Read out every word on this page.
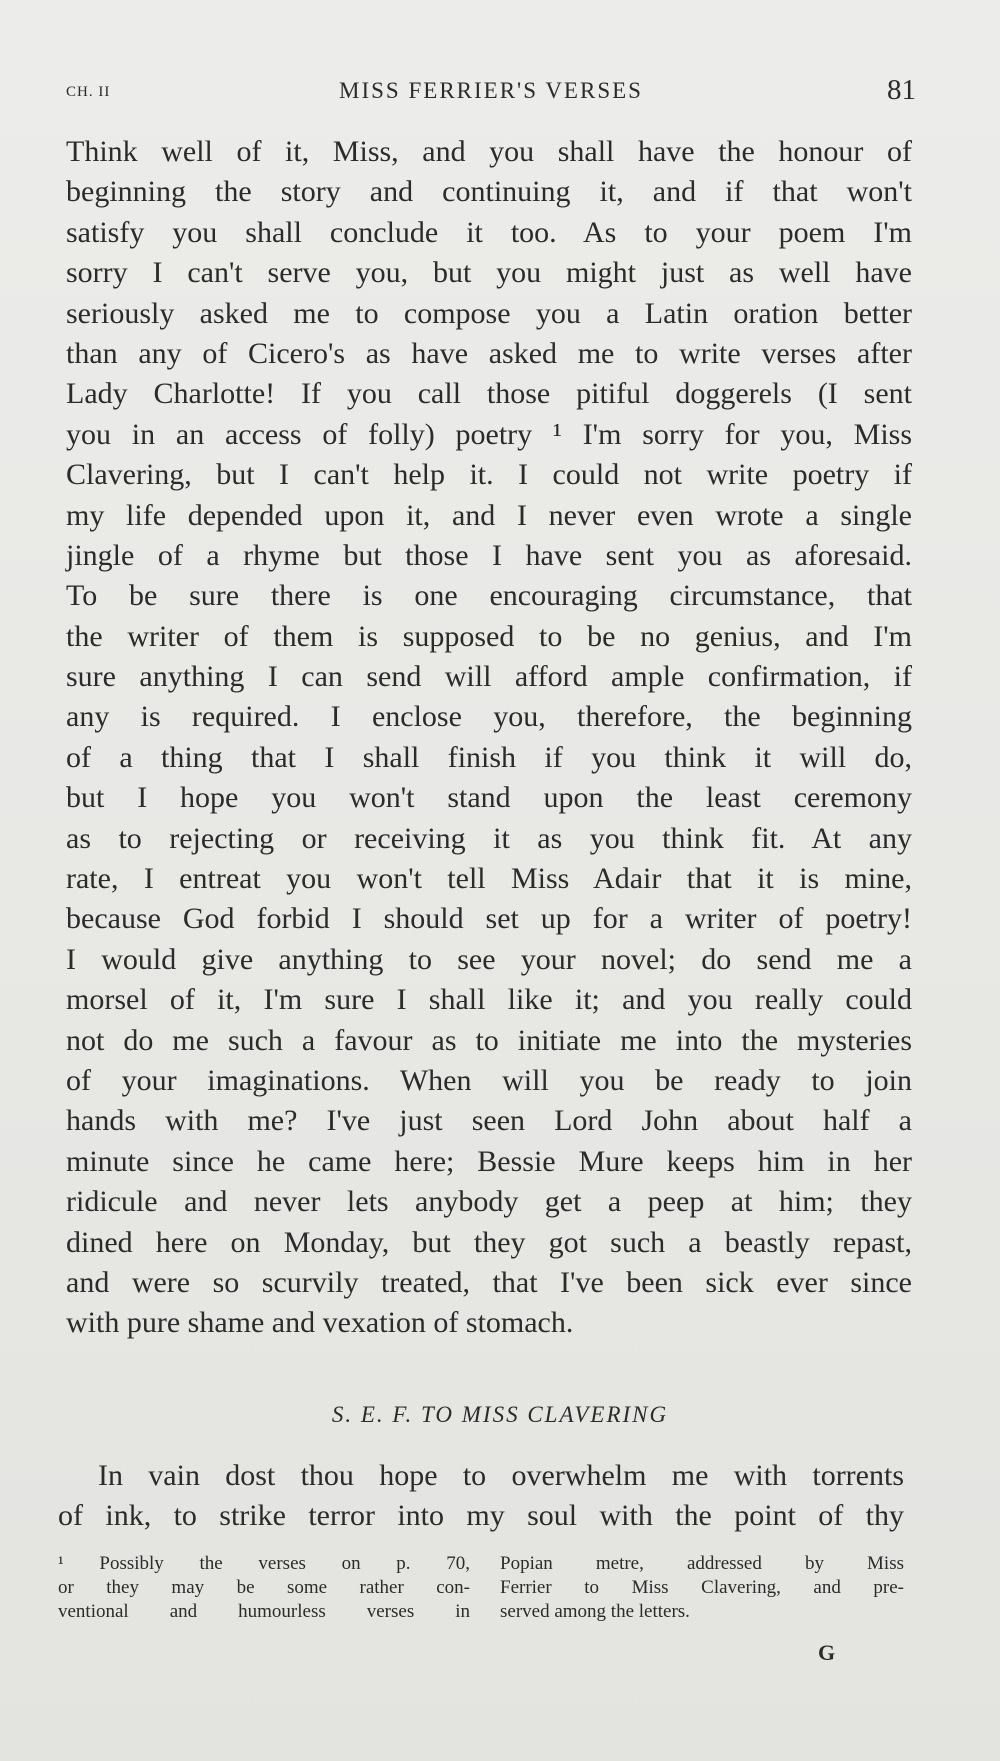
CH. II	MISS FERRIER'S VERSES	81
Think well of it, Miss, and you shall have the honour of
beginning the story and continuing it, and if that won't
satisfy you shall conclude it too. As to your poem I'm
sorry I can't serve you, but you might just as well have
seriously asked me to compose you a Latin oration better
than any of Cicero's as have asked me to write verses after
Lady Charlotte! If you call those pitiful doggerels (I sent
you in an access of folly) poetry ¹ I'm sorry for you, Miss
Clavering, but I can't help it. I could not write poetry if
my life depended upon it, and I never even wrote a single
jingle of a rhyme but those I have sent you as aforesaid.
To be sure there is one encouraging circumstance, that
the writer of them is supposed to be no genius, and I'm
sure anything I can send will afford ample confirmation, if
any is required. I enclose you, therefore, the beginning
of a thing that I shall finish if you think it will do,
but I hope you won't stand upon the least ceremony
as to rejecting or receiving it as you think fit. At any
rate, I entreat you won't tell Miss Adair that it is mine,
because God forbid I should set up for a writer of poetry!
I would give anything to see your novel; do send me a
morsel of it, I'm sure I shall like it; and you really could
not do me such a favour as to initiate me into the mysteries
of your imaginations. When will you be ready to join
hands with me? I've just seen Lord John about half a
minute since he came here; Bessie Mure keeps him in her
ridicule and never lets anybody get a peep at him; they
dined here on Monday, but they got such a beastly repast,
and were so scurvily treated, that I've been sick ever since
with pure shame and vexation of stomach.
S. E. F. TO MISS CLAVERING
In vain dost thou hope to overwhelm me with torrents
of ink, to strike terror into my soul with the point of thy
¹ Possibly the verses on p. 70,
or they may be some rather con-
ventional and humourless verses in
Popian metre, addressed by Miss
Ferrier to Miss Clavering, and pre-
served among the letters.
G
